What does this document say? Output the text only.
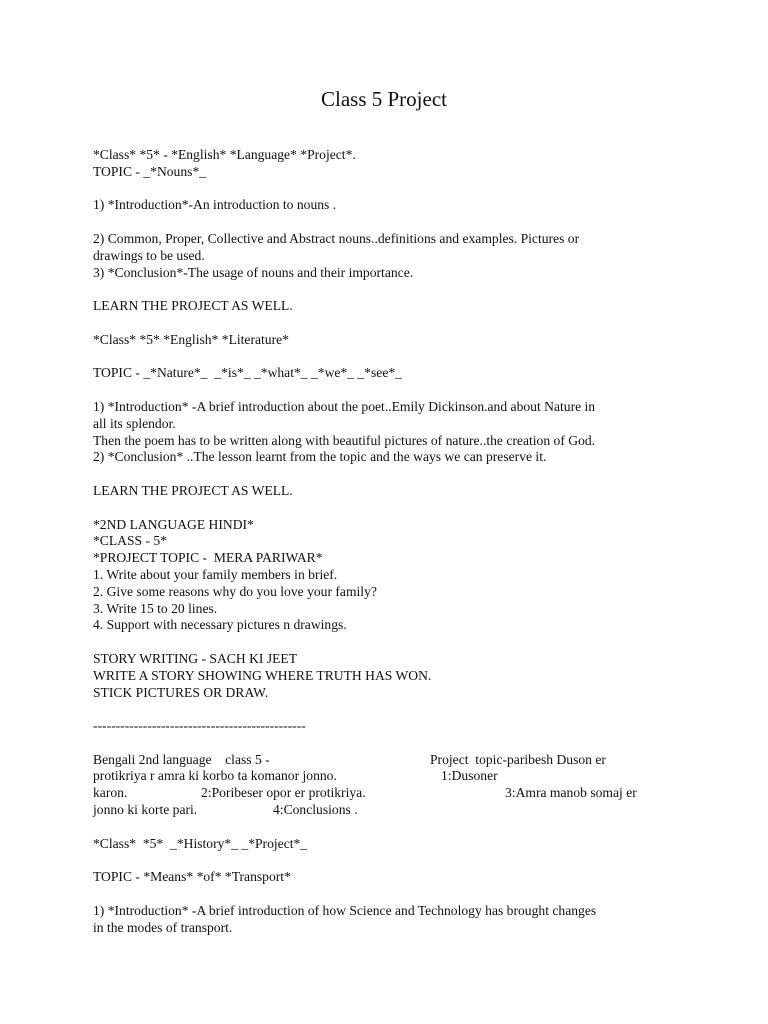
Class 5 Project
*Class* *5* - *English* *Language* *Project*.
TOPIC - _*Nouns*_
1) *Introduction*-An introduction to nouns .
2) Common, Proper, Collective and Abstract nouns..definitions and examples. Pictures or
drawings to be used.
3) *Conclusion*-The usage of nouns and their importance.
LEARN THE PROJECT AS WELL.
*Class* *5* *English* *Literature*
TOPIC - _*Nature*_  _*is*_ _*what*_ _*we*_ _*see*_
1) *Introduction* -A brief introduction about the poet..Emily Dickinson.and about Nature in
all its splendor.
Then the poem has to be written along with beautiful pictures of nature..the creation of God.
2) *Conclusion* ..The lesson learnt from the topic and the ways we can preserve it.
LEARN THE PROJECT AS WELL.
*2ND LANGUAGE HINDI*
*CLASS - 5*
*PROJECT TOPIC -  MERA PARIWAR*
1. Write about your family members in brief.
2. Give some reasons why do you love your family?
3. Write 15 to 20 lines.
4. Support with necessary pictures n drawings.
STORY WRITING - SACH KI JEET
WRITE A STORY SHOWING WHERE TRUTH HAS WON.
STICK PICTURES OR DRAW.
-----------------------------------------------

Bengali 2nd language    class 5 -

	Project  topic-paribesh Duson er

protikriya r amra ki korbo ta komanor jonno.

	1:Dusoner

karon.

	2:Poribeser opor er protikriya.

	3:Amra manob somaj er

jonno ki korte pari.

	4:Conclusions .

*Class*  *5*  _*History*_ _*Project*_
TOPIC - *Means* *of* *Transport*
1) *Introduction* -A brief introduction of how Science and Technology has brought changes
in the modes of transport.
